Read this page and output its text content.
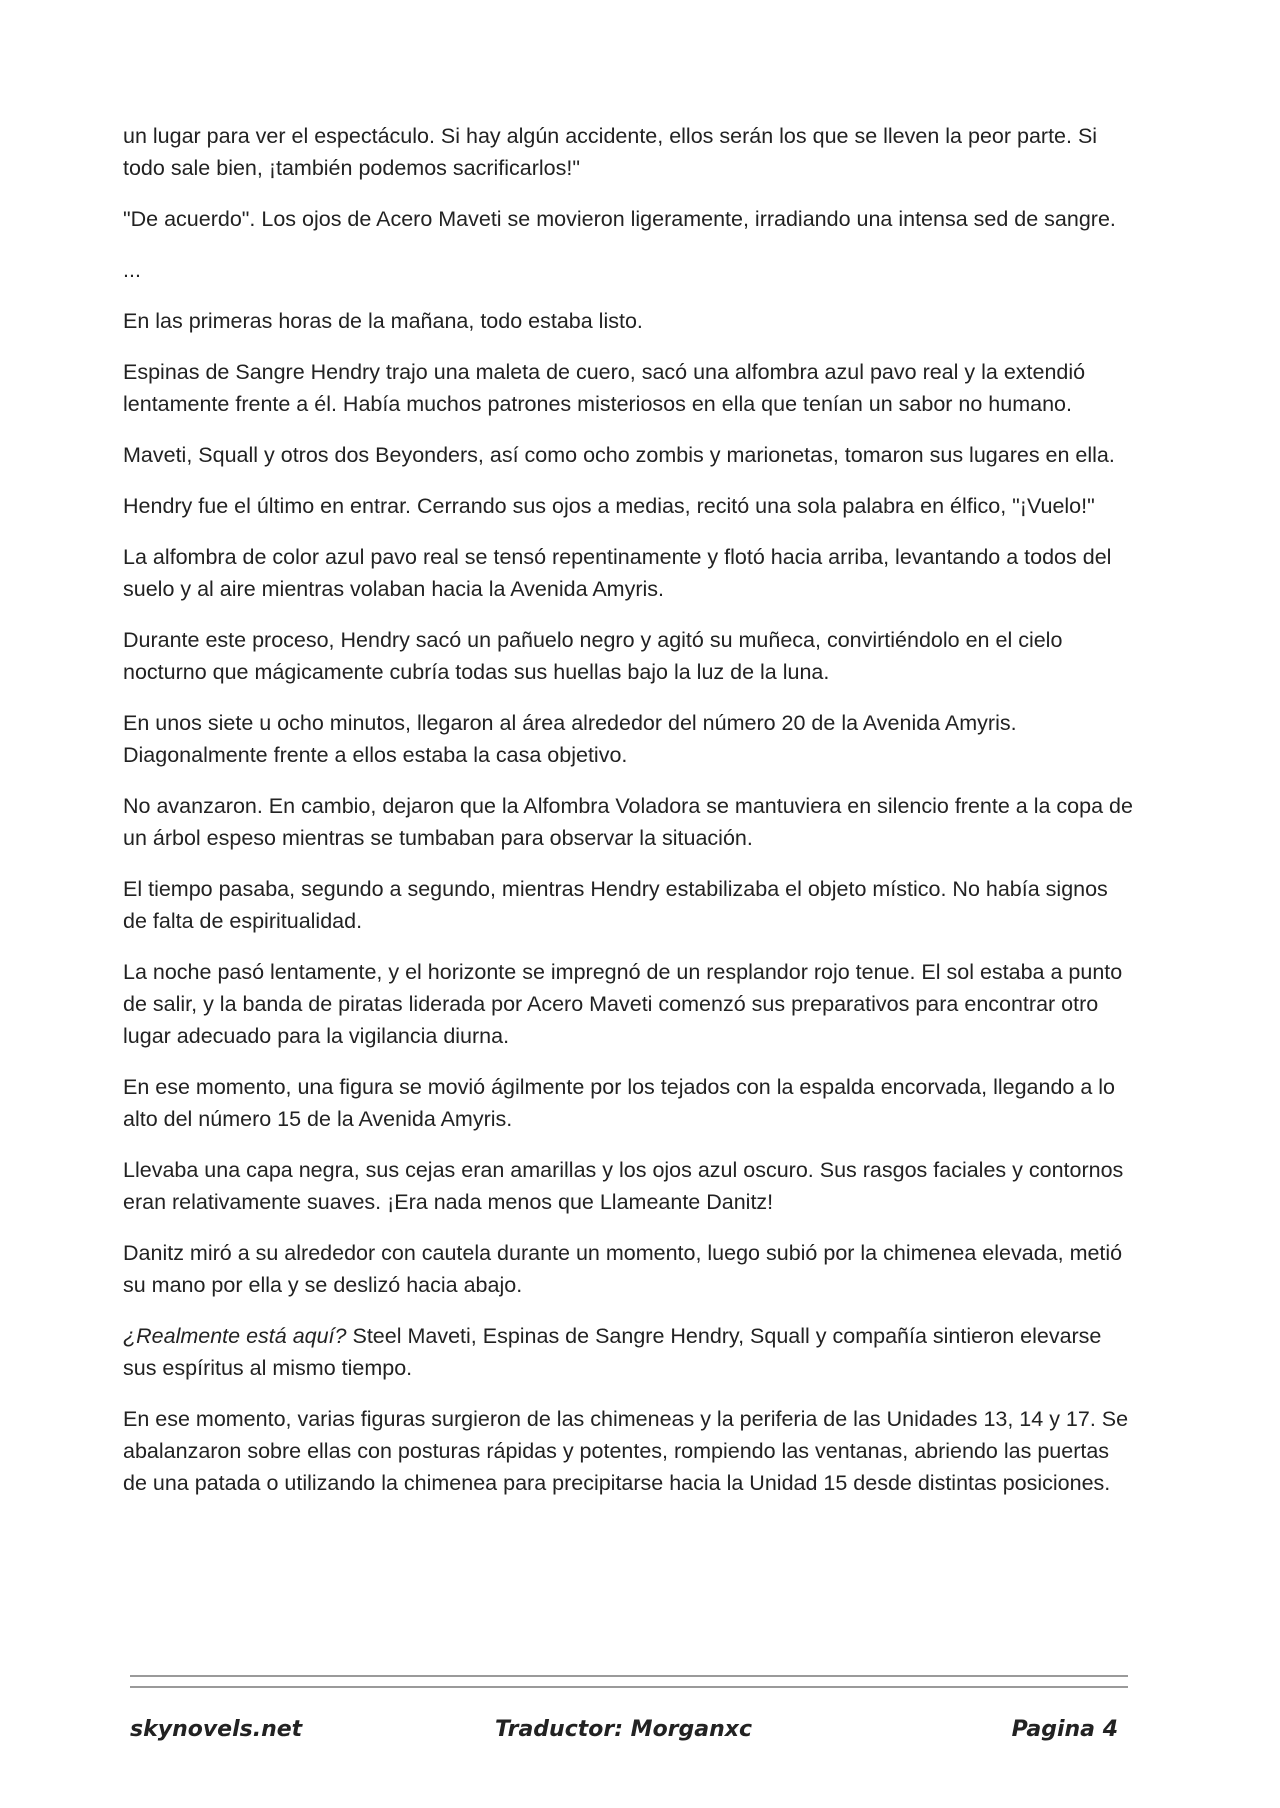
un lugar para ver el espectáculo. Si hay algún accidente, ellos serán los que se lleven la peor parte. Si todo sale bien, ¡también podemos sacrificarlos!"

"De acuerdo". Los ojos de Acero Maveti se movieron ligeramente, irradiando una intensa sed de sangre.

...

En las primeras horas de la mañana, todo estaba listo.

Espinas de Sangre Hendry trajo una maleta de cuero, sacó una alfombra azul pavo real y la extendió lentamente frente a él. Había muchos patrones misteriosos en ella que tenían un sabor no humano.

Maveti, Squall y otros dos Beyonders, así como ocho zombis y marionetas, tomaron sus lugares en ella.

Hendry fue el último en entrar. Cerrando sus ojos a medias, recitó una sola palabra en élfico, "¡Vuelo!"

La alfombra de color azul pavo real se tensó repentinamente y flotó hacia arriba, levantando a todos del suelo y al aire mientras volaban hacia la Avenida Amyris.

Durante este proceso, Hendry sacó un pañuelo negro y agitó su muñeca, convirtiéndolo en el cielo nocturno que mágicamente cubría todas sus huellas bajo la luz de la luna.

En unos siete u ocho minutos, llegaron al área alrededor del número 20 de la Avenida Amyris. Diagonalmente frente a ellos estaba la casa objetivo.

No avanzaron. En cambio, dejaron que la Alfombra Voladora se mantuviera en silencio frente a la copa de un árbol espeso mientras se tumbaban para observar la situación.

El tiempo pasaba, segundo a segundo, mientras Hendry estabilizaba el objeto místico. No había signos de falta de espiritualidad.

La noche pasó lentamente, y el horizonte se impregnó de un resplandor rojo tenue. El sol estaba a punto de salir, y la banda de piratas liderada por Acero Maveti comenzó sus preparativos para encontrar otro lugar adecuado para la vigilancia diurna.

En ese momento, una figura se movió ágilmente por los tejados con la espalda encorvada, llegando a lo alto del número 15 de la Avenida Amyris.

Llevaba una capa negra, sus cejas eran amarillas y los ojos azul oscuro. Sus rasgos faciales y contornos eran relativamente suaves. ¡Era nada menos que Llameante Danitz!

Danitz miró a su alrededor con cautela durante un momento, luego subió por la chimenea elevada, metió su mano por ella y se deslizó hacia abajo.

¿Realmente está aquí? Steel Maveti, Espinas de Sangre Hendry, Squall y compañía sintieron elevarse sus espíritus al mismo tiempo.

En ese momento, varias figuras surgieron de las chimeneas y la periferia de las Unidades 13, 14 y 17. Se abalanzaron sobre ellas con posturas rápidas y potentes, rompiendo las ventanas, abriendo las puertas de una patada o utilizando la chimenea para precipitarse hacia la Unidad 15 desde distintas posiciones.

skynovels.net	Traductor: Morganxc	Pagina 4
